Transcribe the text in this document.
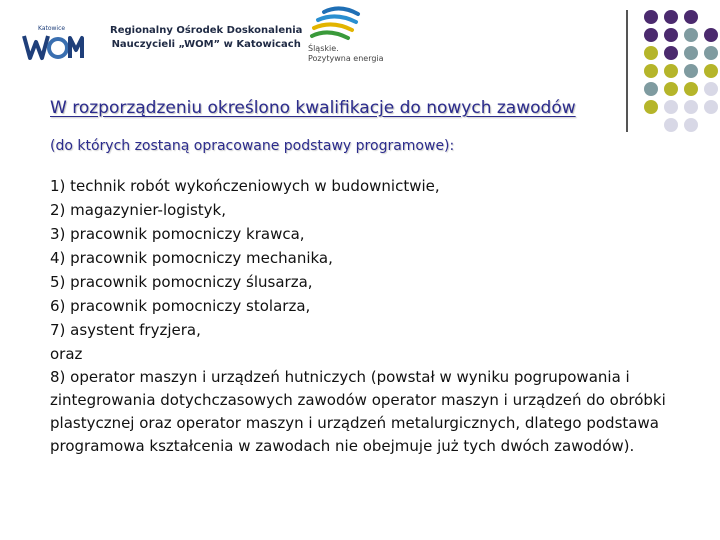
Katowice	Regionalny Ośrodek Doskonalenia
Nauczycieli „WOM” w Katowicach Śląskie.
Pozytywna energia
W rozporządzeniu określono kwalifikacje do nowych zawodów
(do których zostaną opracowane podstawy programowe):
1) technik robót wykończeniowych w budownictwie,
2) magazynier-logistyk,
3) pracownik pomocniczy krawca,
4) pracownik pomocniczy mechanika,
5) pracownik pomocniczy ślusarza,
6) pracownik pomocniczy stolarza,
7) asystent fryzjera,
oraz
8) operator maszyn i urządzeń hutniczych (powstał w wyniku pogrupowania i zintegrowania dotychczasowych zawodów operator maszyn i urządzeń do obróbki plastycznej oraz operator maszyn i urządzeń metalurgicznych, dlatego podstawa programowa kształcenia w zawodach nie obejmuje już tych dwóch zawodów).
